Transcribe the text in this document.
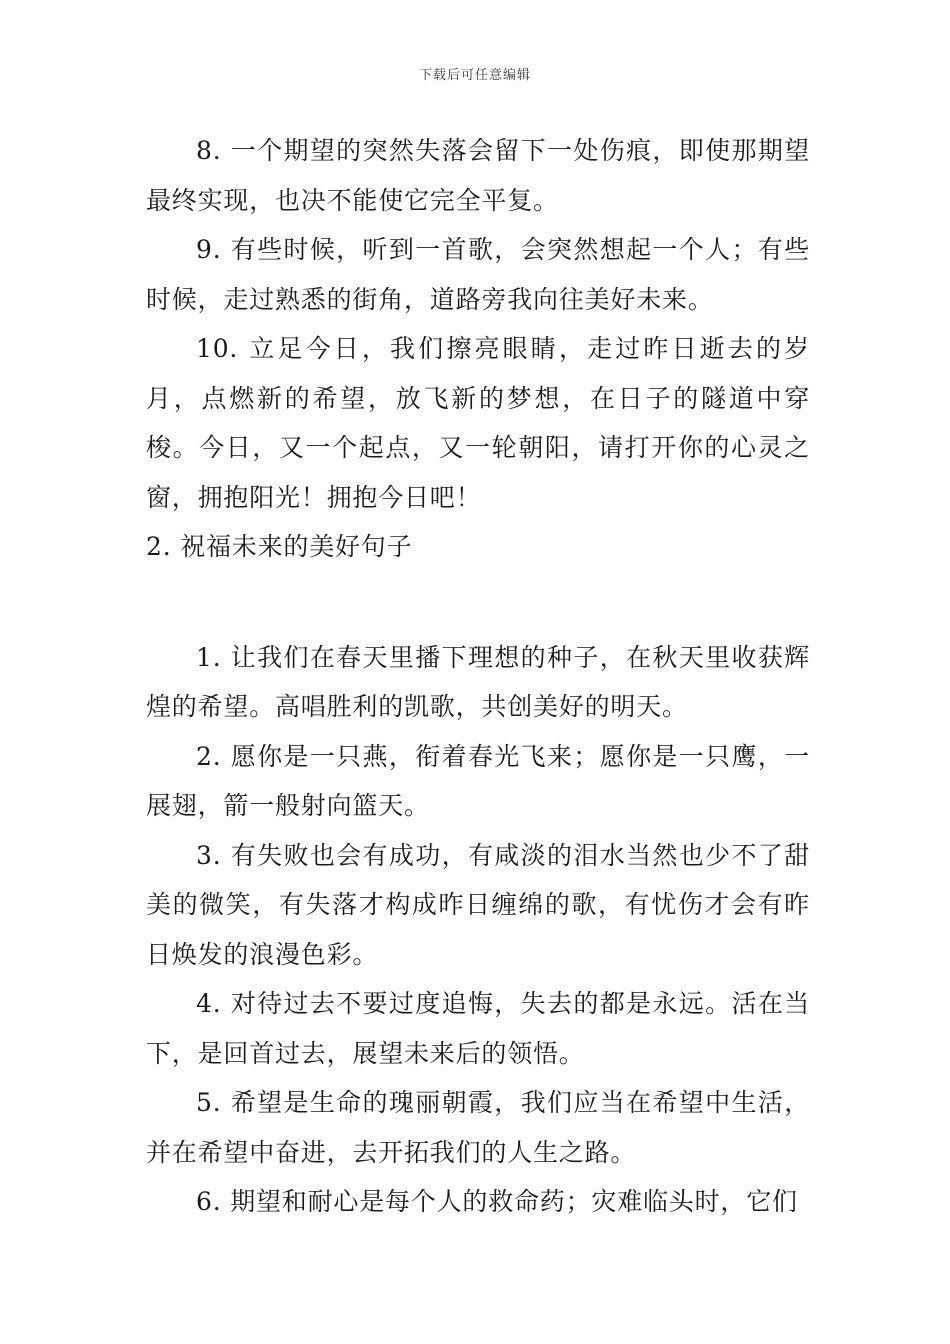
下载后可任意编辑

8. 一个期望的突然失落会留下一处伤痕，即使那期望最终实现，也决不能使它完全平复。

9. 有些时候，听到一首歌，会突然想起一个人；有些时候，走过熟悉的街角，道路旁我向往美好未来。

10. 立足今日，我们擦亮眼睛，走过昨日逝去的岁月，点燃新的希望，放飞新的梦想，在日子的隧道中穿梭。今日，又一个起点，又一轮朝阳，请打开你的心灵之窗，拥抱阳光！拥抱今日吧！

2. 祝福未来的美好句子

1. 让我们在春天里播下理想的种子，在秋天里收获辉煌的希望。高唱胜利的凯歌，共创美好的明天。

2. 愿你是一只燕，衔着春光飞来；愿你是一只鹰，一展翅，箭一般射向篮天。

3. 有失败也会有成功，有咸淡的泪水当然也少不了甜美的微笑，有失落才构成昨日缠绵的歌，有忧伤才会有昨日焕发的浪漫色彩。

4. 对待过去不要过度追悔，失去的都是永远。活在当下，是回首过去，展望未来后的领悟。

5. 希望是生命的瑰丽朝霞，我们应当在希望中生活，并在希望中奋进，去开拓我们的人生之路。

6. 期望和耐心是每个人的救命药；灾难临头时，它们
